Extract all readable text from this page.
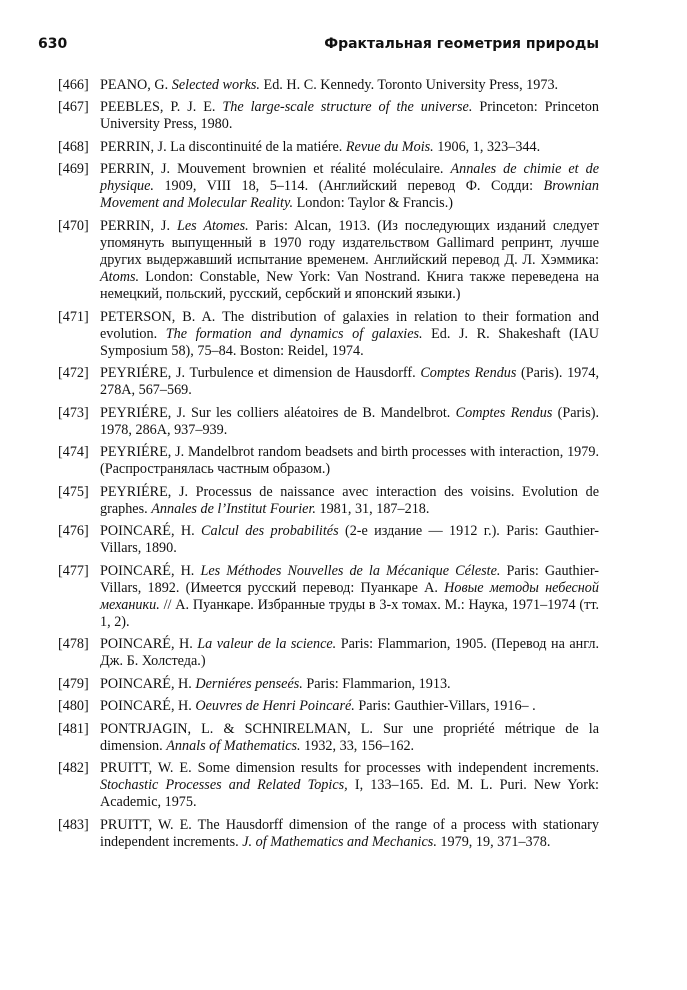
630	Фрактальная геометрия природы
[466] PEANO, G. Selected works. Ed. H. C. Kennedy. Toronto University Press, 1973.
[467] PEEBLES, P. J. E. The large-scale structure of the universe. Princeton: Princeton University Press, 1980.
[468] PERRIN, J. La discontinuité de la matiére. Revue du Mois. 1906, 1, 323–344.
[469] PERRIN, J. Mouvement brownien et réalité moléculaire. Annales de chimie et de physique. 1909, VIII 18, 5–114. (Английский перевод Ф. Содди: Brownian Movement and Molecular Reality. London: Taylor & Francis.)
[470] PERRIN, J. Les Atomes. Paris: Alcan, 1913. (Из последующих изданий следует упомянуть выпущенный в 1970 году издательством Gallimard репринт, лучше других выдержавший испытание временем. Английский перевод Д. Л. Хэммика: Atoms. London: Constable, New York: Van Nostrand. Книга также переведена на немецкий, польский, русский, сербский и японский языки.)
[471] PETERSON, B. A. The distribution of galaxies in relation to their formation and evolution. The formation and dynamics of galaxies. Ed. J. R. Shakeshaft (IAU Symposium 58), 75–84. Boston: Reidel, 1974.
[472] PEYRIÉRE, J. Turbulence et dimension de Hausdorff. Comptes Rendus (Paris). 1974, 278A, 567–569.
[473] PEYRIÉRE, J. Sur les colliers aléatoires de B. Mandelbrot. Comptes Rendus (Paris). 1978, 286A, 937–939.
[474] PEYRIÉRE, J. Mandelbrot random beadsets and birth processes with interaction, 1979. (Распространялась частным образом.)
[475] PEYRIÉRE, J. Processus de naissance avec interaction des voisins. Evolution de graphes. Annales de l’Institut Fourier. 1981, 31, 187–218.
[476] POINCARÉ, H. Calcul des probabilités (2-е издание — 1912 г.). Paris: Gauthier-Villars, 1890.
[477] POINCARÉ, H. Les Méthodes Nouvelles de la Mécanique Céleste. Paris: Gauthier-Villars, 1892. (Имеется русский перевод: Пуанкаре А. Новые методы небесной механики. // А. Пуанкаре. Избранные труды в 3-х томах. М.: Наука, 1971–1974 (тт. 1, 2).
[478] POINCARÉ, H. La valeur de la science. Paris: Flammarion, 1905. (Перевод на англ. Дж. Б. Холстеда.)
[479] POINCARÉ, H. Derniéres penseés. Paris: Flammarion, 1913.
[480] POINCARÉ, H. Oeuvres de Henri Poincaré. Paris: Gauthier-Villars, 1916– .
[481] PONTRJAGIN, L. & SCHNIRELMAN, L. Sur une propriété métrique de la dimension. Annals of Mathematics. 1932, 33, 156–162.
[482] PRUITT, W. E. Some dimension results for processes with independent increments. Stochastic Processes and Related Topics, I, 133–165. Ed. M. L. Puri. New York: Academic, 1975.
[483] PRUITT, W. E. The Hausdorff dimension of the range of a process with stationary independent increments. J. of Mathematics and Mechanics. 1979, 19, 371–378.
